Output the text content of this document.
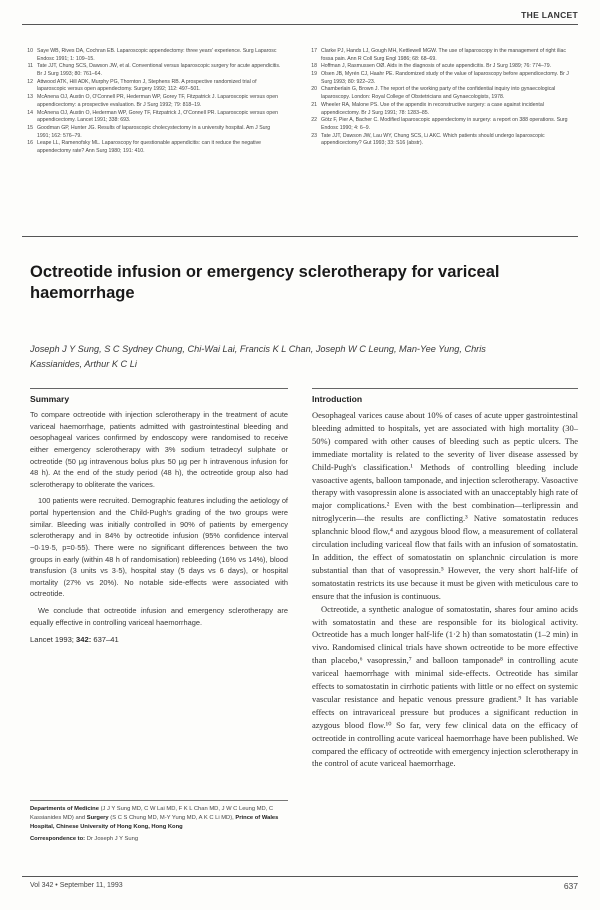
THE LANCET
10 Saye WB, Rives DA, Cochran EB. Laparoscopic appendectomy: three years' experience. Surg Laparosc Endosc 1991; 1: 109–15.
11 Tate JJT, Chung SCS, Dawson JW, et al. Conventional versus laparoscopic surgery for acute appendicitis. Br J Surg 1993; 80: 761–64.
12 Attwood ATK, Hill ADK, Murphy PG, Thornton J, Stephens RB. A prospective randomized trial of laparoscopic versus open appendectomy. Surgery 1992; 112: 497–501.
13 McAnena OJ, Austin O, O'Connell PR, Hederman WP, Gorey TF, Fitzpatrick J. Laparoscopic versus open appendicectomy: a prospective evaluation. Br J Surg 1992; 79: 818–19.
14 McAnena OJ, Austin O, Hederman WP, Gorey TF, Fitzpatrick J, O'Connell PR. Laparoscopic versus open appendicectomy. Lancet 1991; 338: 693.
15 Goodman GP, Hunter JG. Results of laparoscopic cholecystectomy in a university hospital. Am J Surg 1991; 162: 576–79.
16 Leape LL, Ramenofsky ML. Laparoscopy for questionable appendicitis: can it reduce the negative appendectomy rate? Ann Surg 1980; 191: 410.
17 Clarke PJ, Hands LJ, Gough MH, Kettlewell MGW. The use of laparoscopy in the management of right iliac fossa pain. Ann R Coll Surg Engl 1986; 68: 68–69.
18 Hoffman J, Rasmussen OØ. Aids in the diagnosis of acute appendicitis. Br J Surg 1989; 76: 774–79.
19 Olsen JB, Myrén CJ, Haahr PE. Randomized study of the value of laparoscopy before appendicectomy. Br J Surg 1993; 80: 922–23.
20 Chamberlain G, Brown J. The report of the working party of the confidential inquiry into gynaecological laparoscopy. London: Royal College of Obstetricians and Gynaecologists, 1978.
21 Wheeler RA, Malone PS. Use of the appendix in reconstructive surgery: a case against incidental appendicectomy. Br J Surg 1991; 78: 1283–85.
22 Götz F, Pier A, Bacher C. Modified laparoscopic appendectomy in surgery: a report on 388 operations. Surg Endosc 1990; 4: 6–9.
23 Tate JJT, Dawson JW, Lau WY, Chung SCS, Li AKC. Which patients should undergo laparoscopic appendicectomy? Gut 1993; 33: S16 (abstr).
Octreotide infusion or emergency sclerotherapy for variceal haemorrhage
Joseph J Y Sung, S C Sydney Chung, Chi-Wai Lai, Francis K L Chan, Joseph W C Leung, Man-Yee Yung, Chris Kassianides, Arthur K C Li
Summary

To compare octreotide with injection sclerotherapy in the treatment of acute variceal haemorrhage, patients admitted with gastrointestinal bleeding and oesophageal varices confirmed by endoscopy were randomised to receive either emergency sclerotherapy with 3% sodium tetradecyl sulphate or octreotide (50 µg intravenous bolus plus 50 µg per h intravenous infusion for 48 h). At the end of the study period (48 h), the octreotide group also had sclerotherapy to obliterate the varices.

100 patients were recruited. Demographic features including the aetiology of portal hypertension and the Child-Pugh's grading of the two groups were similar. Bleeding was initially controlled in 90% of patients by emergency sclerotherapy and in 84% by octreotide infusion (95% confidence interval −0·19·5, p=0·55). There were no significant differences between the two groups in early (within 48 h of randomisation) rebleeding (16% vs 14%), blood transfusion (3 units vs 3·5), hospital stay (5 days vs 6 days), or hospital mortality (27% vs 20%). No notable side-effects were associated with octreotide.

We conclude that octreotide infusion and emergency sclerotherapy are equally effective in controlling variceal haemorrhage.

Lancet 1993; 342: 637–41
Departments of Medicine (J J Y Sung MD, C W Lai MD, F K L Chan MD, J W C Leung MD, C Kassianides MD) and Surgery (S C S Chung MD, M-Y Yung MD, A K C Li MD), Prince of Wales Hospital, Chinese University of Hong Kong, Hong Kong
Correspondence to: Dr Joseph J Y Sung
Introduction

Oesophageal varices cause about 10% of cases of acute upper gastrointestinal bleeding admitted to hospitals, yet are associated with high mortality (30–50%) compared with other causes of bleeding such as peptic ulcers. The immediate mortality is related to the severity of liver disease assessed by Child-Pugh's classification.¹ Methods of controlling bleeding include vasoactive agents, balloon tamponade, and injection sclerotherapy. Vasoactive therapy with vasopressin alone is associated with an unacceptably high rate of major complications.² Even with the best combination—terlipressin and nitroglycerin—the results are conflicting.³ Native somatostatin reduces splanchnic blood flow,⁴ and azygous blood flow, a measurement of collateral circulation including variceal flow that fails with an infusion of somatostatin. In addition, the effect of somatostatin on splanchnic circulation is more substantial than that of vasopressin.⁵ However, the very short half-life of somatostatin restricts its use because it must be given with meticulous care to ensure that the infusion is continuous.

Octreotide, a synthetic analogue of somatostatin, shares four amino acids with somatostatin and these are responsible for its biological activity. Octreotide has a much longer half-life (1·2 h) than somatostatin (1–2 min) in vivo. Randomised clinical trials have shown octreotide to be more effective than placebo,⁶ vasopressin,⁷ and balloon tamponade⁸ in controlling acute variceal haemorrhage with minimal side-effects. Octreotide has similar effects to somatostatin in cirrhotic patients with little or no effect on systemic vascular resistance and hepatic venous pressure gradient.⁹ It has variable effects on intravariceal pressure but produces a significant reduction in azygous blood flow.¹⁰ So far, very few clinical data on the efficacy of octreotide in controlling acute variceal haemorrhage have been published. We compared the efficacy of octreotide with emergency injection sclerotherapy in the control of acute variceal haemorrhage.

Vol 342 • September 11, 1993	637
